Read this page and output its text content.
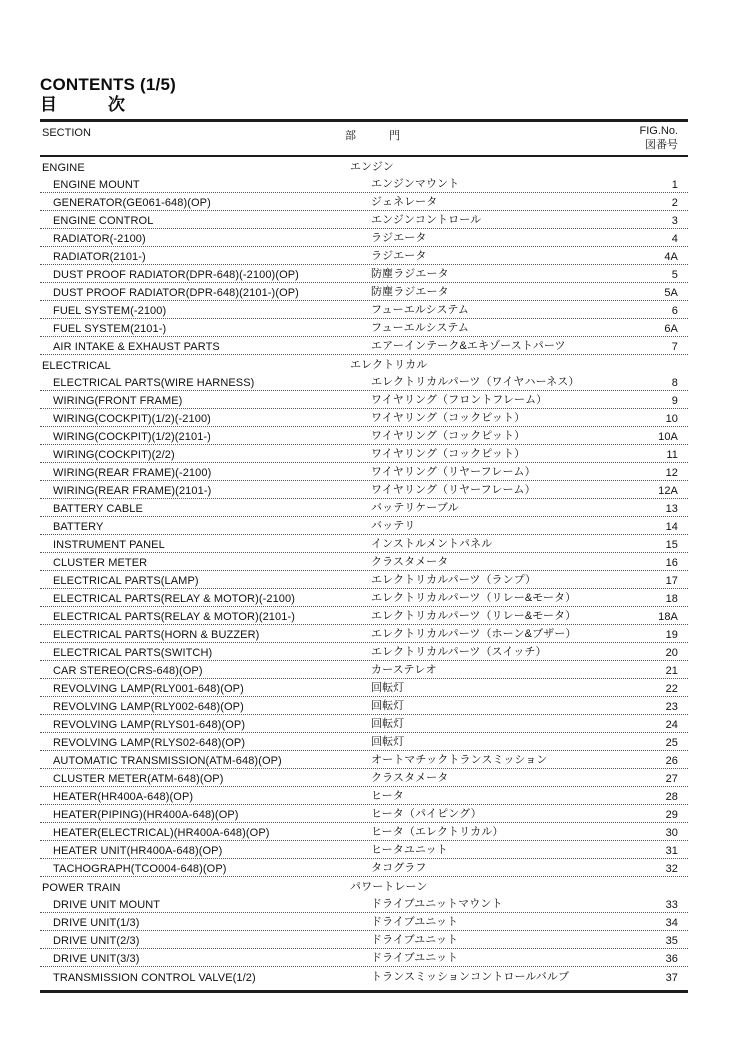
CONTENTS (1/5)
目　　　次
SECTION	部　　　門	FIG.No.
図番号
ENGINE	エンジン
ENGINE MOUNT	エンジンマウント	1
GENERATOR(GE061-648)(OP)	ジェネレータ	2
ENGINE CONTROL	エンジンコントロール	3
RADIATOR(-2100)	ラジエータ	4
RADIATOR(2101-)	ラジエータ	4A
DUST PROOF RADIATOR(DPR-648)(-2100)(OP)	防塵ラジエータ	5
DUST PROOF RADIATOR(DPR-648)(2101-)(OP)	防塵ラジエータ	5A
FUEL SYSTEM(-2100)	フューエルシステム	6
FUEL SYSTEM(2101-)	フューエルシステム	6A
AIR INTAKE & EXHAUST PARTS	エアーインテーク&エキゾーストパーツ	7
ELECTRICAL	エレクトリカル
ELECTRICAL PARTS(WIRE HARNESS)	エレクトリカルパーツ（ワイヤハーネス）	8
WIRING(FRONT FRAME)	ワイヤリング（フロントフレーム）	9
WIRING(COCKPIT)(1/2)(-2100)	ワイヤリング（コックピット）	10
WIRING(COCKPIT)(1/2)(2101-)	ワイヤリング（コックピット）	10A
WIRING(COCKPIT)(2/2)	ワイヤリング（コックピット）	11
WIRING(REAR FRAME)(-2100)	ワイヤリング（リヤーフレーム）	12
WIRING(REAR FRAME)(2101-)	ワイヤリング（リヤーフレーム）	12A
BATTERY CABLE	バッテリケーブル	13
BATTERY	バッテリ	14
INSTRUMENT PANEL	インストルメントパネル	15
CLUSTER METER	クラスタメータ	16
ELECTRICAL PARTS(LAMP)	エレクトリカルパーツ（ランプ）	17
ELECTRICAL PARTS(RELAY & MOTOR)(-2100)	エレクトリカルパーツ（リレー&モータ）	18
ELECTRICAL PARTS(RELAY & MOTOR)(2101-)	エレクトリカルパーツ（リレー&モータ）	18A
ELECTRICAL PARTS(HORN & BUZZER)	エレクトリカルパーツ（ホーン&ブザー）	19
ELECTRICAL PARTS(SWITCH)	エレクトリカルパーツ（スイッチ）	20
CAR STEREO(CRS-648)(OP)	カーステレオ	21
REVOLVING LAMP(RLY001-648)(OP)	回転灯	22
REVOLVING LAMP(RLY002-648)(OP)	回転灯	23
REVOLVING LAMP(RLYS01-648)(OP)	回転灯	24
REVOLVING LAMP(RLYS02-648)(OP)	回転灯	25
AUTOMATIC TRANSMISSION(ATM-648)(OP)	オートマチックトランスミッション	26
CLUSTER METER(ATM-648)(OP)	クラスタメータ	27
HEATER(HR400A-648)(OP)	ヒータ	28
HEATER(PIPING)(HR400A-648)(OP)	ヒータ（パイピング）	29
HEATER(ELECTRICAL)(HR400A-648)(OP)	ヒータ（エレクトリカル）	30
HEATER UNIT(HR400A-648)(OP)	ヒータユニット	31
TACHOGRAPH(TCO004-648)(OP)	タコグラフ	32
POWER TRAIN	パワートレーン
DRIVE UNIT MOUNT	ドライブユニットマウント	33
DRIVE UNIT(1/3)	ドライブユニット	34
DRIVE UNIT(2/3)	ドライブユニット	35
DRIVE UNIT(3/3)	ドライブユニット	36
TRANSMISSION CONTROL VALVE(1/2)	トランスミッションコントロールバルブ	37
